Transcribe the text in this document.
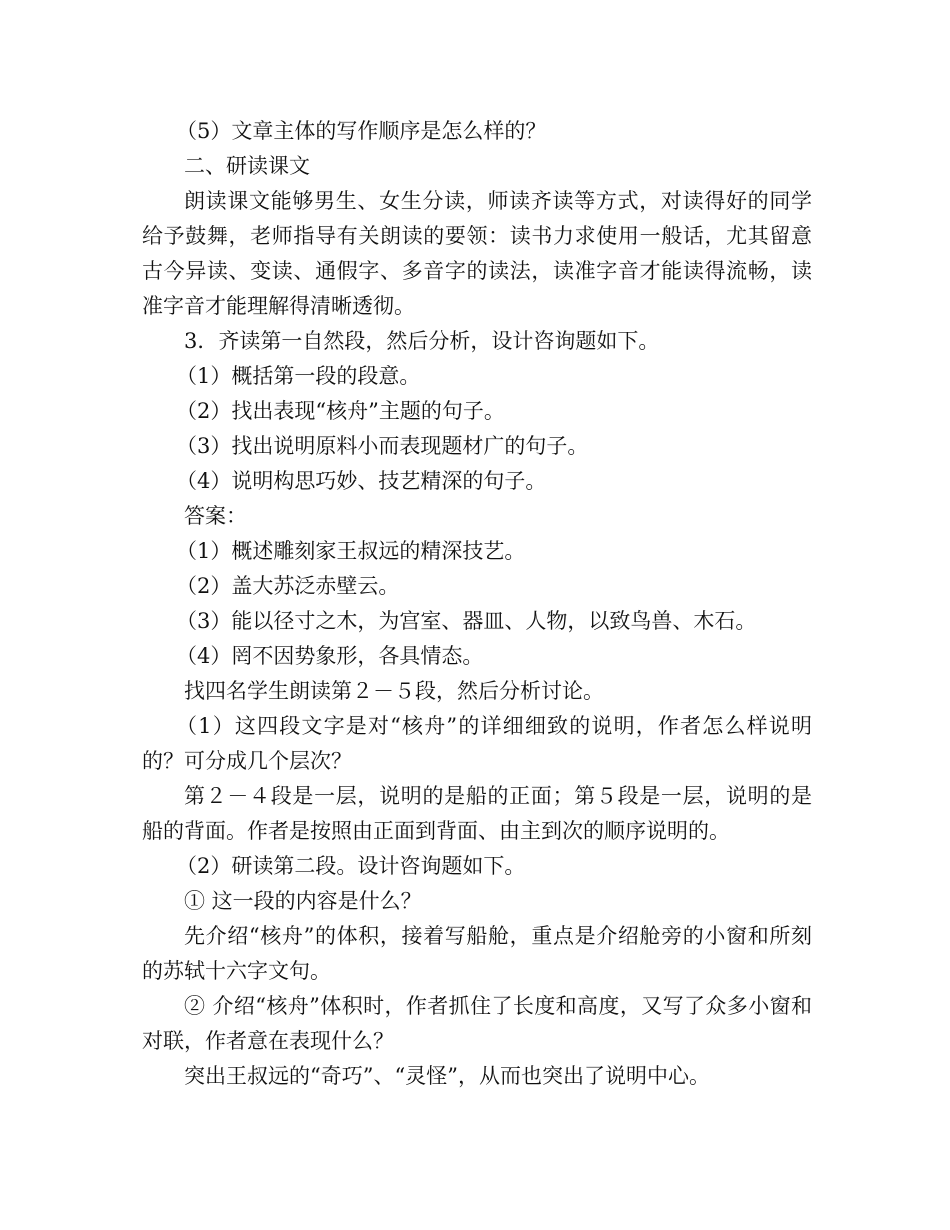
（5）文章主体的写作顺序是怎么样的？

二、研读课文

朗读课文能够男生、女生分读，师读齐读等方式，对读得好的同学给予鼓舞，老师指导有关朗读的要领：读书力求使用一般话，尤其留意古今异读、变读、通假字、多音字的读法，读准字音才能读得流畅，读准字音才能理解得清晰透彻。

3．齐读第一自然段，然后分析，设计咨询题如下。

（1）概括第一段的段意。

（2）找出表现“核舟”主题的句子。

（3）找出说明原料小而表现题材广的句子。

（4）说明构思巧妙、技艺精深的句子。

答案：

（1）概述雕刻家王叔远的精深技艺。

（2）盖大苏泛赤壁云。

（3）能以径寸之木，为宫室、器皿、人物，以致鸟兽、木石。

（4）罔不因势象形，各具情态。

找四名学生朗读第２－５段，然后分析讨论。

（1）这四段文字是对“核舟”的详细细致的说明，作者怎么样说明的？可分成几个层次？

第２－４段是一层，说明的是船的正面；第５段是一层，说明的是船的背面。作者是按照由正面到背面、由主到次的顺序说明的。

（2）研读第二段。设计咨询题如下。

① 这一段的内容是什么？

先介绍“核舟”的体积，接着写船舱，重点是介绍舱旁的小窗和所刻的苏轼十六字文句。

② 介绍“核舟”体积时，作者抓住了长度和高度，又写了众多小窗和对联，作者意在表现什么？

突出王叔远的“奇巧”、“灵怪”，从而也突出了说明中心。
